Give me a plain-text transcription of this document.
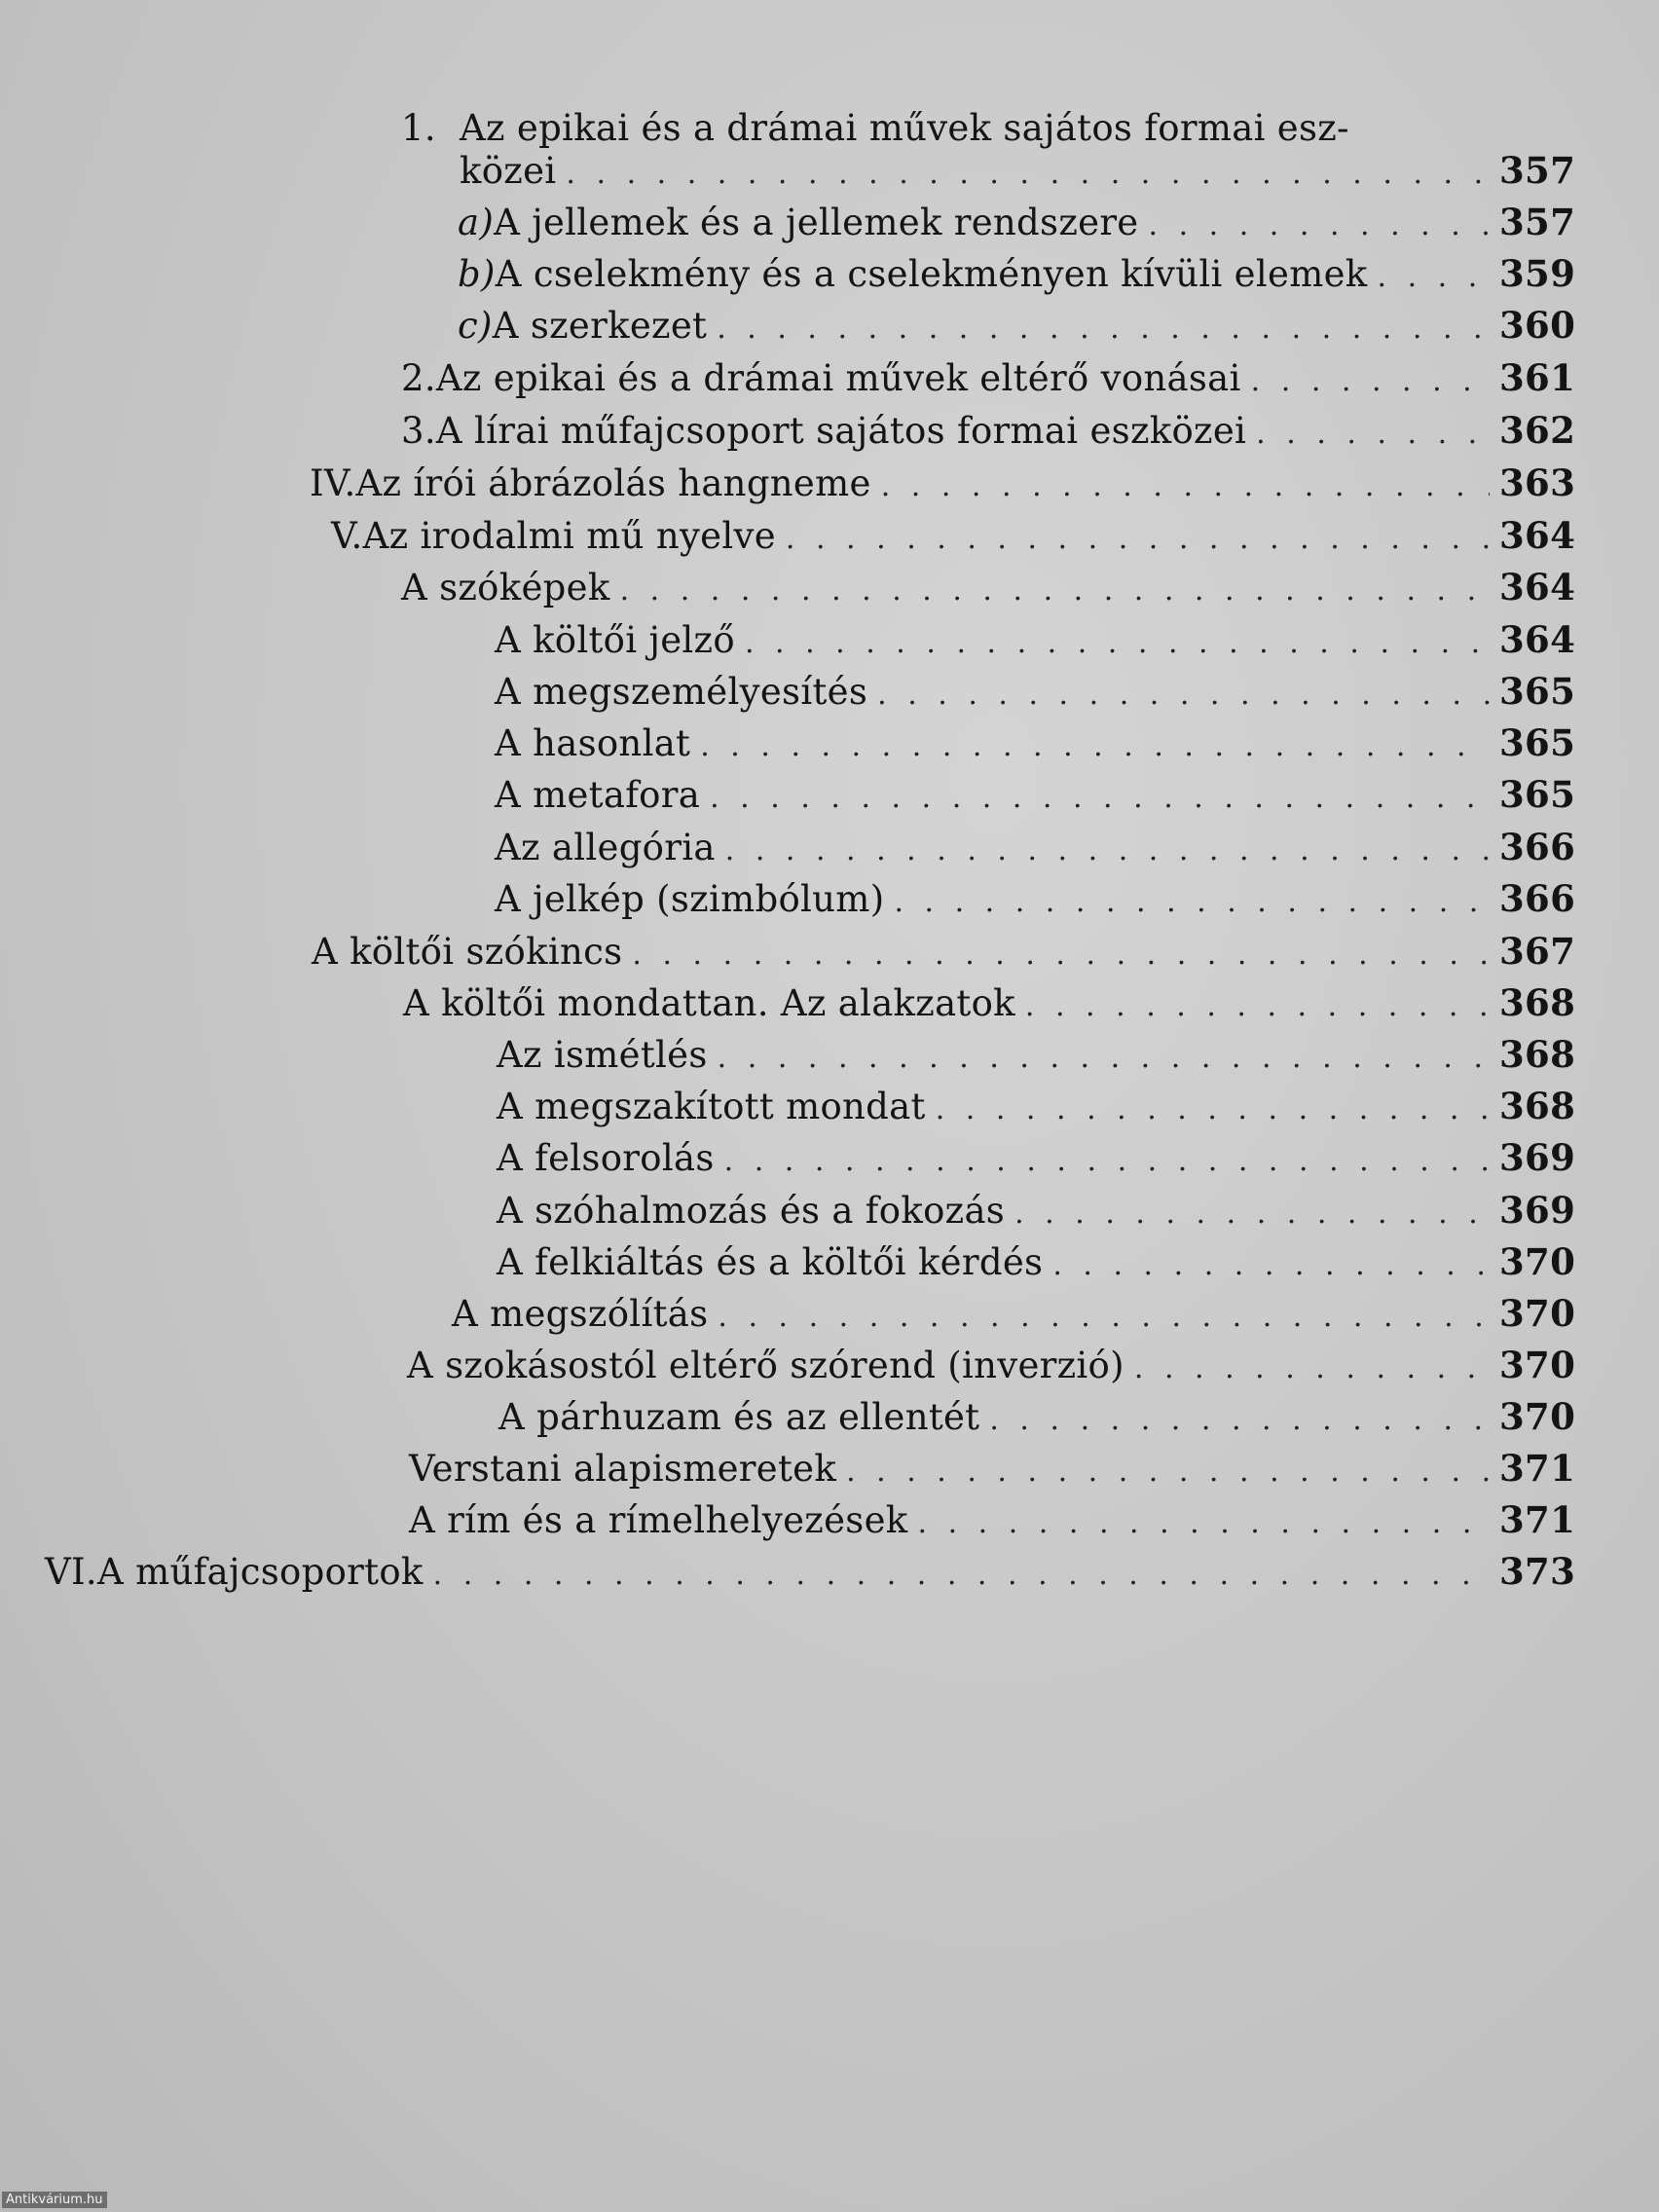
1. Az epikai és a drámai művek sajátos formai esz-
közei . . .	357
a) A jellemek és a jellemek rendszere . . .	357
b) A cselekmény és a cselekményen kívüli elemek . . .	359
c) A szerkezet . . .	360
2. Az epikai és a drámai művek eltérő vonásai . . .	361
3. A lírai műfajcsoport sajátos formai eszközei . . .	362
IV. Az írói ábrázolás hangneme . . .	363
V. Az irodalmi mű nyelve . . .	364
A szóképek . . .	364
A költői jelző . . .	364
A megszemélyesítés . . .	365
A hasonlat . . .	365
A metafora . . .	365
Az allegória . . .	366
A jelkép (szimbólum) . . .	366
A költői szókincs . . .	367
A költői mondattan. Az alakzatok . . .	368
Az ismétlés . . .	368
A megszakított mondat . . .	368
A felsorolás . . .	369
A szóhalmozás és a fokozás . . .	369
A felkiáltás és a költői kérdés . . .	370
A megszólítás . . .	370
A szokásostól eltérő szórend (inverzió) . . .	370
A párhuzam és az ellentét . . .	370
Verstani alapismeretek . . .	371
A rím és a rímelhelyezések . . .	371
VI. A műfajcsoportok . . .	373
Antikvárium.hu
